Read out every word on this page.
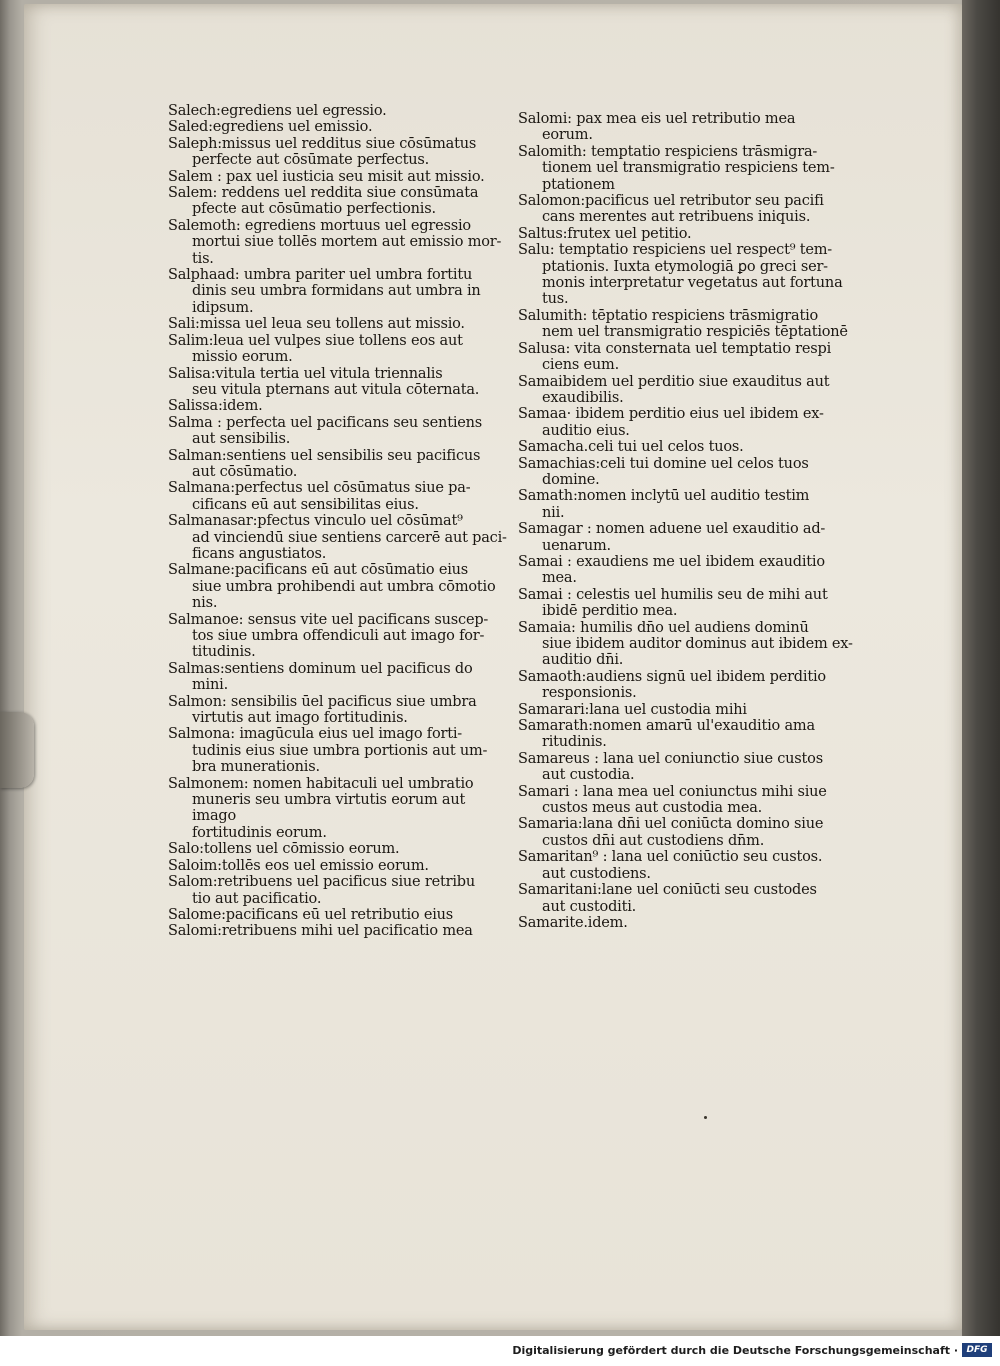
Salech:egrediens uel egressio.
Saled:egrediens uel emissio.
Saleph:missus uel redditus siue cōsūmatus
perfecte aut cōsūmate perfectus.
Salem : pax uel iusticia seu misit aut missio.
Salem: reddens uel reddita siue consūmata
pfecte aut cōsūmatio perfectionis.
Salemoth: egrediens mortuus uel egressio
mortui siue tollēs mortem aut emissio mor-
tis.
Salphaad: umbra pariter uel umbra fortitu
dinis seu umbra formidans aut umbra in
idipsum.
Sali:missa uel leua seu tollens aut missio.
Salim:leua uel vulpes siue tollens eos aut
missio eorum.
Salisa:vitula tertia uel vitula triennalis
seu vitula pternans aut vitula cōternata.
Salissa:idem.
Salma : perfecta uel pacificans seu sentiens
aut sensibilis.
Salman:sentiens uel sensibilis seu pacificus
aut cōsūmatio.
Salmana:perfectus uel cōsūmatus siue pa-
cificans eū aut sensibilitas eius.
Salmanasar:pfectus vinculo uel cōsūmat⁹
ad vinciendū siue sentiens carcerē aut paci-
ficans angustiatos.
Salmane:pacificans eū aut cōsūmatio eius
siue umbra prohibendi aut umbra cōmotio
nis.
Salmanoe: sensus vite uel pacificans suscep-
tos siue umbra offendiculi aut imago for-
titudinis.
Salmas:sentiens dominum uel pacificus do
mini.
Salmon: sensibilis ūel pacificus siue umbra
virtutis aut imago fortitudinis.
Salmona: imagūcula eius uel imago forti-
tudinis eius siue umbra portionis aut um-
bra munerationis.
Salmonem: nomen habitaculi uel umbratio
muneris seu umbra virtutis eorum aut imago
fortitudinis eorum.
Salo:tollens uel cōmissio eorum.
Saloim:tollēs eos uel emissio eorum.
Salom:retribuens uel pacificus siue retribu
tio aut pacificatio.
Salome:pacificans eū uel retributio eius
Salomi:retribuens mihi uel pacificatio mea
Salomi: pax mea eis uel retributio mea
eorum.
Salomith: temptatio respiciens trāsmigra-
tionem uel transmigratio respiciens tem-
ptationem
Salomon:pacificus uel retributor seu pacifi
cans merentes aut retribuens iniquis.
Saltus:frutex uel petitio.
Salu: temptatio respiciens uel respect⁹ tem-
ptationis. Iuxta etymologiā ꝑo greci ser-
monis interpretatur vegetatus aut fortuna
tus.
Salumith: tēptatio respiciens trāsmigratio
nem uel transmigratio respiciēs tēptationē
Salusa: vita consternata uel temptatio respi
ciens eum.
Samaibidem uel perditio siue exauditus aut
exaudibilis.
Samaa· ibidem perditio eius uel ibidem ex-
auditio eius.
Samacha.celi tui uel celos tuos.
Samachias:celi tui domine uel celos tuos
domine.
Samath:nomen inclytū uel auditio testim
nii.
Samagar : nomen aduene uel exauditio ad-
uenarum.
Samai : exaudiens me uel ibidem exauditio
mea.
Samai : celestis uel humilis seu de mihi aut
ibidē perditio mea.
Samaia: humilis dn̄o uel audiens dominū
siue ibidem auditor dominus aut ibidem ex-
auditio dn̄i.
Samaoth:audiens signū uel ibidem perditio
responsionis.
Samarari:lana uel custodia mihi
Samarath:nomen amarū ul'exauditio ama
ritudinis.
Samareus : lana uel coniunctio siue custos
aut custodia.
Samari : lana mea uel coniunctus mihi siue
custos meus aut custodia mea.
Samaria:lana dn̄i uel coniūcta domino siue
custos dn̄i aut custodiens dn̄m.
Samaritan⁹ : lana uel coniūctio seu custos.
aut custodiens.
Samaritani:lane uel coniūcti seu custodes
aut custoditi.
Samarite.idem.
Digitalisierung gefördert durch die Deutsche Forschungsgemeinschaft · DFG
